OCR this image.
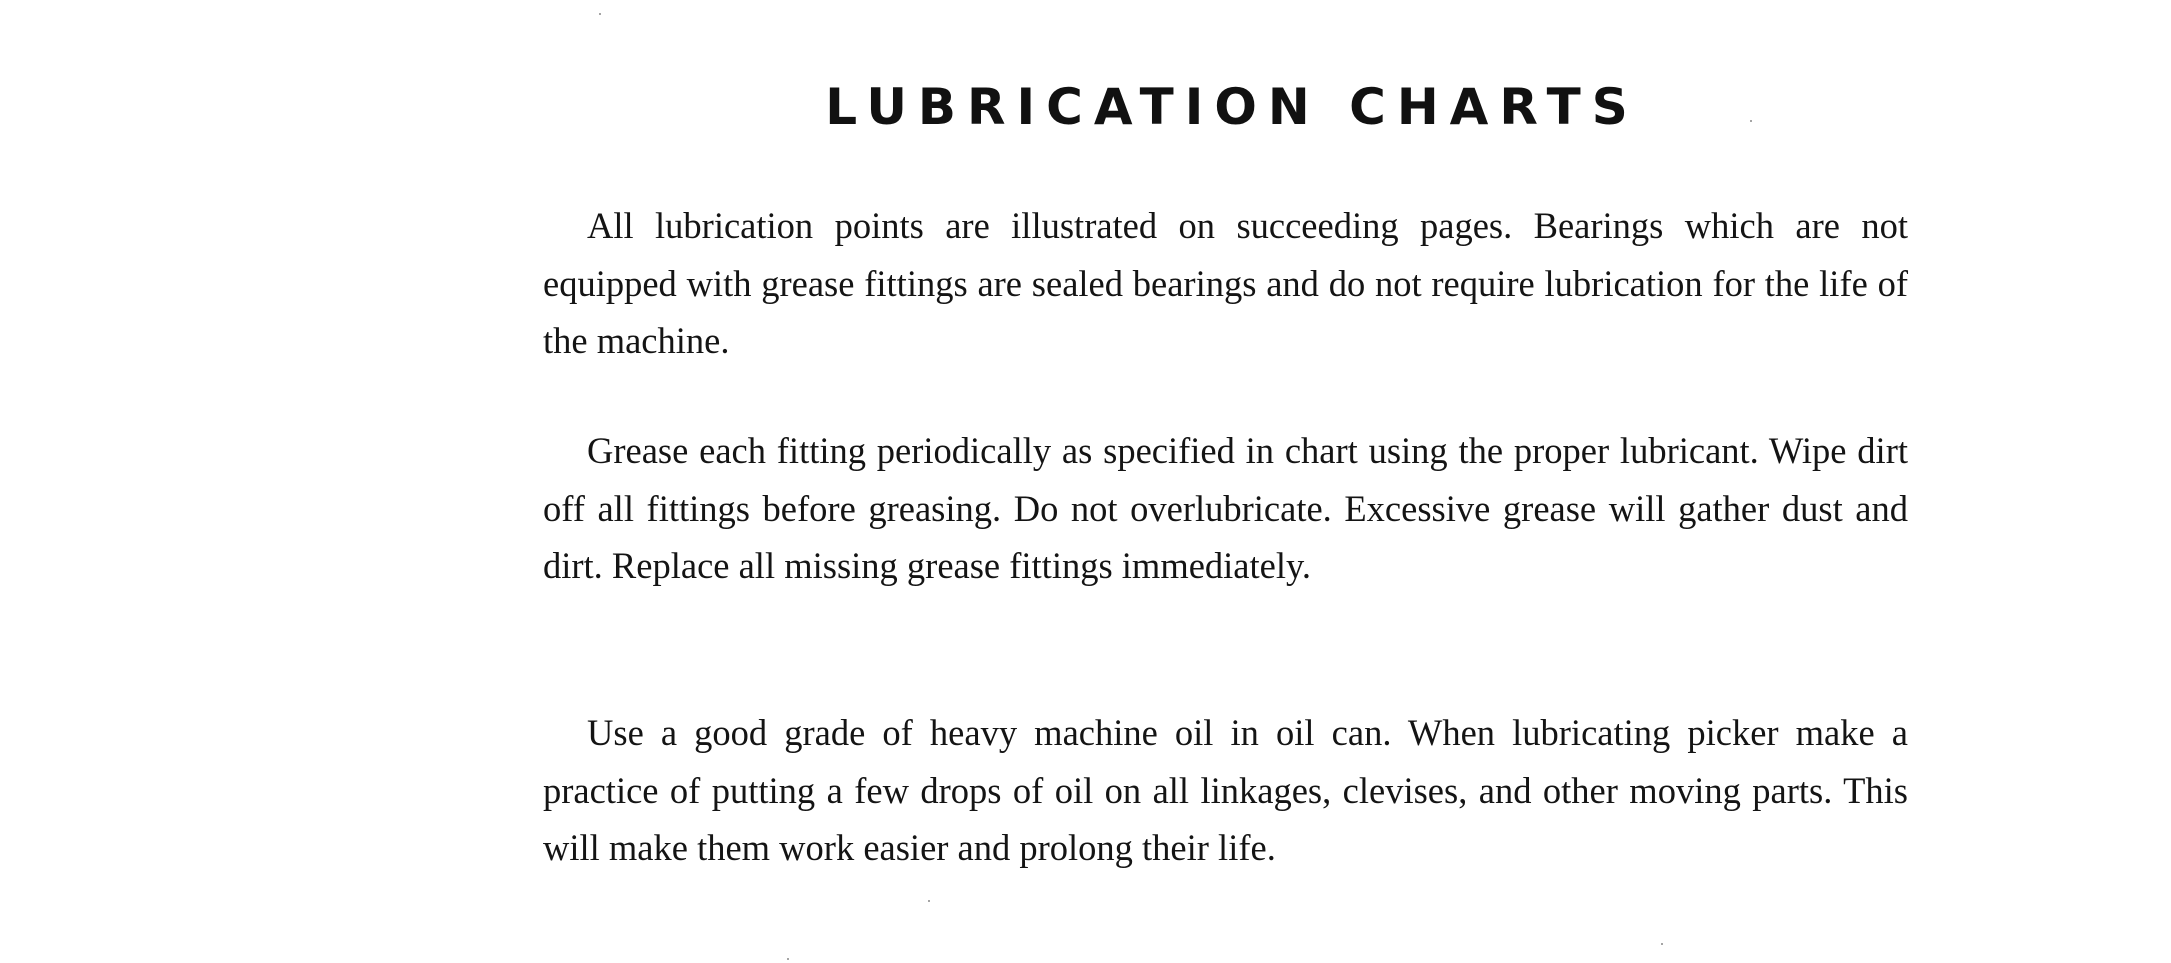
LUBRICATION CHARTS

All lubrication points are illustrated on succeeding pages. Bearings which are not equipped with grease fittings are sealed bearings and do not require lubrication for the life of the machine.

Grease each fitting periodically as specified in chart using the proper lubricant. Wipe dirt off all fittings before greasing. Do not overlubricate. Excessive grease will gather dust and dirt. Replace all missing grease fittings immediately.

Use a good grade of heavy machine oil in oil can. When lubricating picker make a practice of putting a few drops of oil on all linkages, clevises, and other moving parts. This will make them work easier and prolong their life.
